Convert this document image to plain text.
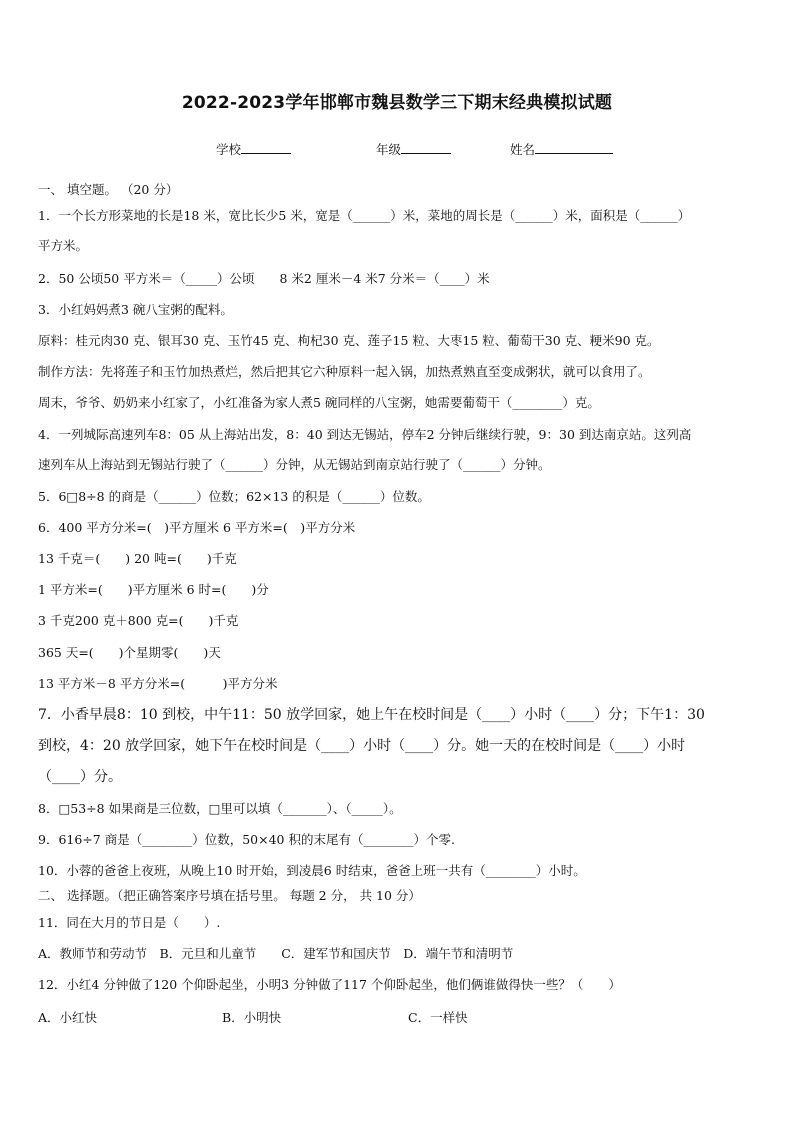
2022-2023学年邯郸市魏县数学三下期末经典模拟试题
学校	年级	姓名
一、 填空题。 （20 分）
1．一个长方形菜地的长是18 米，宽比长少5 米，宽是（______）米，菜地的周长是（______）米，面积是（______）
平方米。
2．50 公顷50 平方米＝（_____）公顷　　8 米2 厘米－4 米7 分米＝（____）米
3．小红妈妈煮3 碗八宝粥的配料。
原料：桂元肉30 克、银耳30 克、玉竹45 克、枸杞30 克、莲子15 粒、大枣15 粒、葡萄干30 克、粳米90 克。
制作方法：先将莲子和玉竹加热煮烂，然后把其它六种原料一起入锅，加热煮熟直至变成粥状，就可以食用了。
周末，爷爷、奶奶来小红家了，小红准备为家人煮5 碗同样的八宝粥，她需要葡萄干（________）克。
4．一列城际高速列车8：05 从上海站出发，8：40 到达无锡站，停车2 分钟后继续行驶，9：30 到达南京站。这列高
速列车从上海站到无锡站行驶了（______）分钟，从无锡站到南京站行驶了（______）分钟。
5．6□8÷8 的商是（______）位数；62×13 的积是（______）位数。
6．400 平方分米=(　)平方厘米 6 平方米=(　)平方分米
13 千克＝(　　) 20 吨=(　　)千克
1 平方米=(　　)平方厘米 6 时=(　　)分
3 千克200 克＋800 克=(　　)千克
365 天=(　　)个星期零(　　)天
13 平方米－8 平方分米=(　　　)平方分米
7．小香早晨8：10 到校，中午11：50 放学回家，她上午在校时间是（____）小时（____）分；下午1：30
到校，4：20 放学回家，她下午在校时间是（____）小时（____）分。她一天的在校时间是（____）小时
（____）分。
8．□53÷8 如果商是三位数，□里可以填（_______）、（_____）。
9．616÷7 商是（________）位数，50×40 积的末尾有（________）个零.
10．小蓉的爸爸上夜班，从晚上10 时开始，到凌晨6 时结束，爸爸上班一共有（________）小时。
二、 选择题。（把正确答案序号填在括号里。 每题 2 分， 共 10 分）
11．同在大月的节日是（　　）.
A．教师节和劳动节　B．元旦和儿童节　　C．建军节和国庆节　D．端午节和清明节
12．小红4 分钟做了120 个仰卧起坐，小明3 分钟做了117 个仰卧起坐，他们俩谁做得快一些？（　　）
A．小红快	B．小明快	C．一样快
